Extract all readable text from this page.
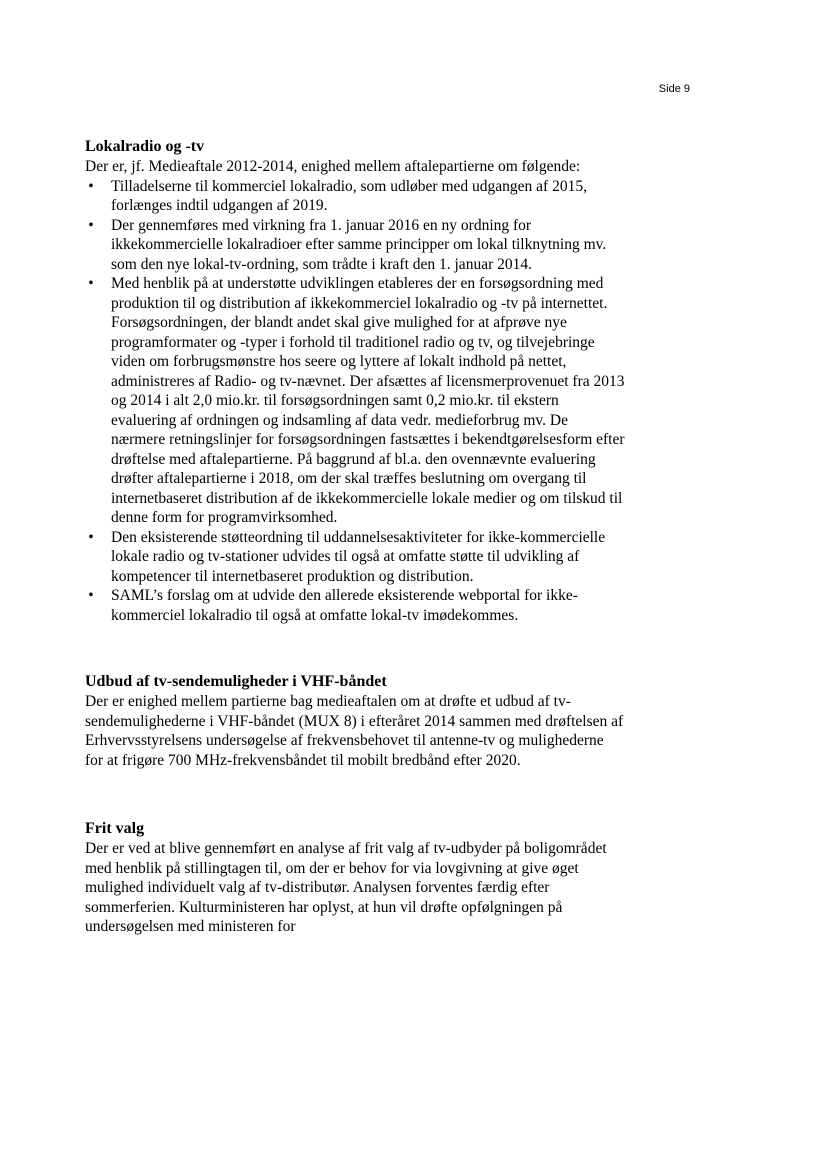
Side 9

Lokalradio og -tv

Der er, jf. Medieaftale 2012-2014, enighed mellem aftalepartierne om følgende:

• Tilladelserne til kommerciel lokalradio, som udløber med udgangen af 2015, forlænges indtil udgangen af 2019.
• Der gennemføres med virkning fra 1. januar 2016 en ny ordning for ikkekommercielle lokalradioer efter samme principper om lokal tilknytning mv. som den nye lokal-tv-ordning, som trådte i kraft den 1. januar 2014.
• Med henblik på at understøtte udviklingen etableres der en forsøgsordning med produktion til og distribution af ikkekommerciel lokalradio og -tv på internettet. Forsøgsordningen, der blandt andet skal give mulighed for at afprøve nye programformater og -typer i forhold til traditionel radio og tv, og tilvejebringe viden om forbrugsmønstre hos seere og lyttere af lokalt indhold på nettet, administreres af Radio- og tv-nævnet. Der afsættes af licensmerprovenuet fra 2013 og 2014 i alt 2,0 mio.kr. til forsøgsordningen samt 0,2 mio.kr. til ekstern evaluering af ordningen og indsamling af data vedr. medieforbrug mv. De nærmere retningslinjer for forsøgsordningen fastsættes i bekendtgørelsesform efter drøftelse med aftalepartierne. På baggrund af bl.a. den ovennævnte evaluering drøfter aftalepartierne i 2018, om der skal træffes beslutning om overgang til internetbaseret distribution af de ikkekommercielle lokale medier og om tilskud til denne form for programvirksomhed.
• Den eksisterende støtteordning til uddannelsesaktiviteter for ikke-kommercielle lokale radio og tv-stationer udvides til også at omfatte støtte til udvikling af kompetencer til internetbaseret produktion og distribution.
• SAML’s forslag om at udvide den allerede eksisterende webportal for ikke-kommerciel lokalradio til også at omfatte lokal-tv imødekommes.

Udbud af tv-sendemuligheder i VHF-båndet

Der er enighed mellem partierne bag medieaftalen om at drøfte et udbud af tv-sendemulighederne i VHF-båndet (MUX 8) i efteråret 2014 sammen med drøftelsen af Erhvervsstyrelsens undersøgelse af frekvensbehovet til antenne-tv og mulighederne for at frigøre 700 MHz-frekvensbåndet til mobilt bredbånd efter 2020.

Frit valg

Der er ved at blive gennemført en analyse af frit valg af tv-udbyder på boligområdet med henblik på stillingtagen til, om der er behov for via lovgivning at give øget mulighed individuelt valg af tv-distributør. Analysen forventes færdig efter sommerferien. Kulturministeren har oplyst, at hun vil drøfte opfølgningen på undersøgelsen med ministeren for
